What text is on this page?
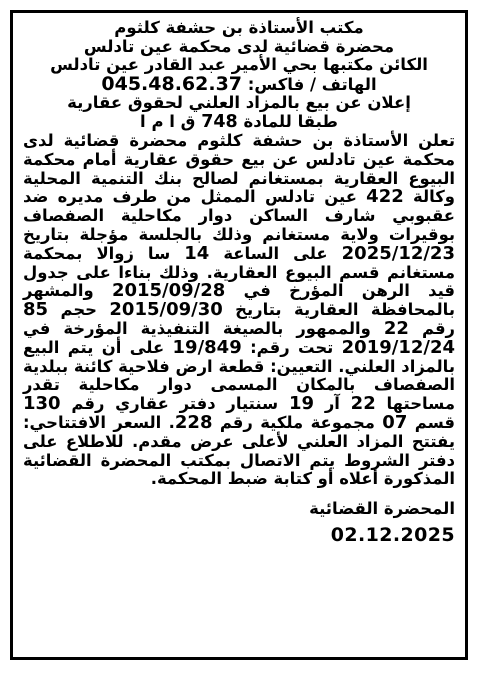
مكتب الأستاذة بن حشفة كلثوم
محضرة قضائية لدى محكمة عين تادلس
الكائن مكتبها بحي الأمير عبد القادر عين تادلس
الهاتف / فاكس: 045.48.62.37
إعلان عن بيع بالمزاد العلني لحقوق عقارية
طبقا للمادة 748 ق ا م ا
تعلن الأستاذة بن حشفة كلثوم محضرة قضائية لدى محكمة عين تادلس عن بيع حقوق عقارية أمام محكمة البيوع العقارية بمستغانم لصالح بنك التنمية المحلية وكالة 422 عين تادلس الممثل من طرف مديره ضد عقبوبي شارف الساكن دوار مكاحلية الصفصاف بوقيرات ولاية مستغانم وذلك بالجلسة مؤجلة بتاريخ 2025/12/23 على الساعة 14 سا زوالا بمحكمة مستغانم قسم البيوع العقارية. وذلك بناءا على جدول قيد الرهن المؤرخ في 2015/09/28 والمشهر بالمحافظة العقارية بتاريخ 2015/09/30 حجم 85 رقم 22 والممهور بالصيغة التنفيذية المؤرخة في 2019/12/24 تحت رقم: 19/849 على أن يتم البيع بالمزاد العلني. التعيين: قطعة ارض فلاحية كائنة ببلدية الصفصاف بالمكان المسمى دوار مكاحلية تقدر مساحتها 22 آر 19 سنتيار دفتر عقاري رقم 130 قسم 07 مجموعة ملكية رقم 228. السعر الافتتاحي: يفتتح المزاد العلني لأعلى عرض مقدم. للاطلاع على دفتر الشروط يتم الاتصال بمكتب المحضرة القضائية المذكورة أعلاه أو كتابة ضبط المحكمة.
المحضرة القضائية
02.12.2025
